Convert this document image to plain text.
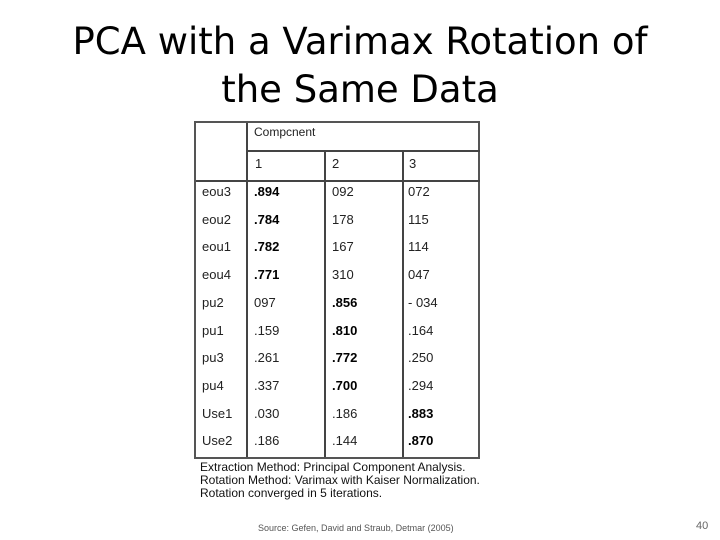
PCA with a Varimax Rotation of
the Same Data
Compcnent
1	2	3
eou3 .894	092	072
eou2 .784	178	115
eou1 .782	167	114
eou4 .771	310	047
pu2 097	.856	- 034
pu1 .159	.810	.164
pu3 .261	.772	.250
pu4 .337	.700	.294
Use1 .030	.186	.883
Use2 .186	.144	.870
Extraction Method: Principal Component Analysis.
Rotation Method: Varimax with Kaiser Normalization.
Rotation converged in 5 iterations.
Source: Gefen, David and Straub, Detmar (2005)	40
